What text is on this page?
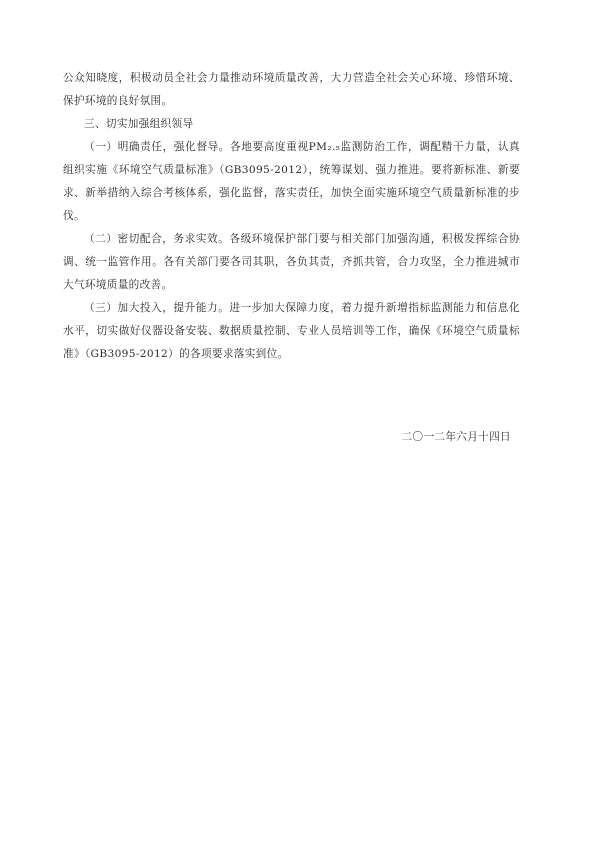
公众知晓度，积极动员全社会力量推动环境质量改善，大力营造全社会关心环境、珍惜环境、保护环境的良好氛围。

三、切实加强组织领导

（一）明确责任，强化督导。各地要高度重视PM₂.₅监测防治工作，调配精干力量，认真组织实施《环境空气质量标准》（GB3095-2012），统筹谋划、强力推进。要将新标准、新要求、新举措纳入综合考核体系，强化监督，落实责任，加快全面实施环境空气质量新标准的步伐。

（二）密切配合，务求实效。各级环境保护部门要与相关部门加强沟通，积极发挥综合协调、统一监管作用。各有关部门要各司其职，各负其责，齐抓共管，合力攻坚，全力推进城市大气环境质量的改善。

（三）加大投入，提升能力。进一步加大保障力度，着力提升新增指标监测能力和信息化水平，切实做好仪器设备安装、数据质量控制、专业人员培训等工作，确保《环境空气质量标准》（GB3095-2012）的各项要求落实到位。

二〇一二年六月十四日
